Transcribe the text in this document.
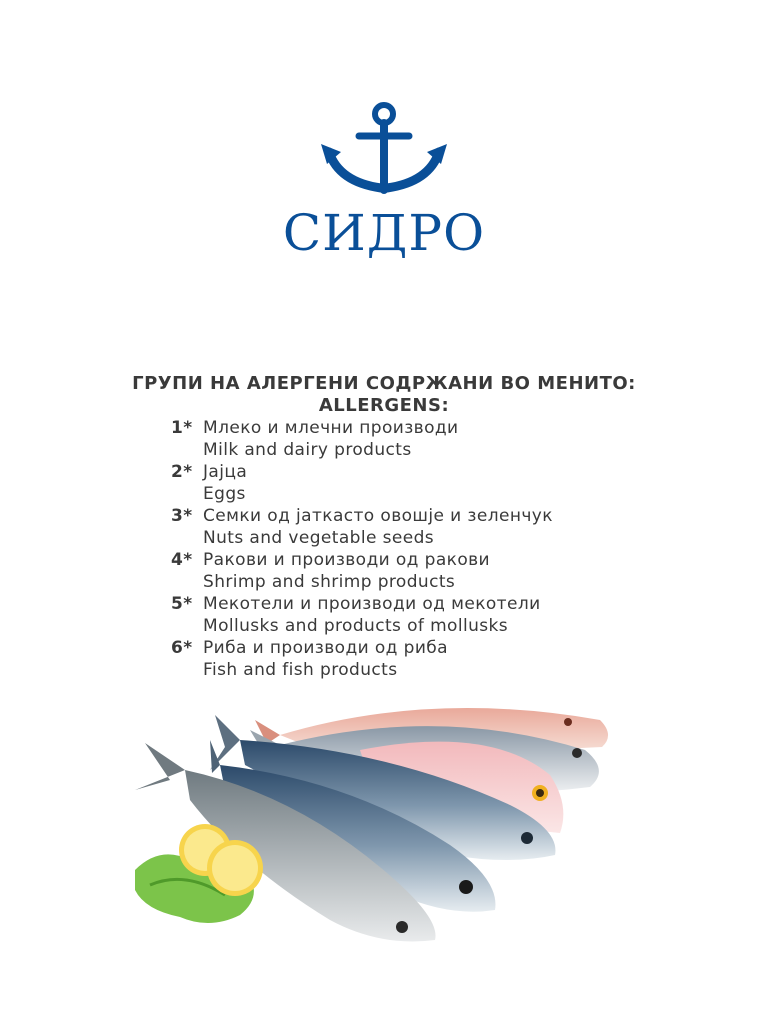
СИДРО

ГРУПИ НА АЛЕРГЕНИ СОДРЖАНИ ВО МЕНИТО:

ALLERGENS:

1* Млеко и млечни производи
Milk and dairy products
2* Јајца
Eggs
3* Семки од јаткасто овошје и зеленчук
Nuts and vegetable seeds
4* Ракови и производи од ракови
Shrimp and shrimp products
5* Мекотели и производи од мекотели
Mollusks and products of mollusks
6* Риба и производи од риба
Fish and fish products
